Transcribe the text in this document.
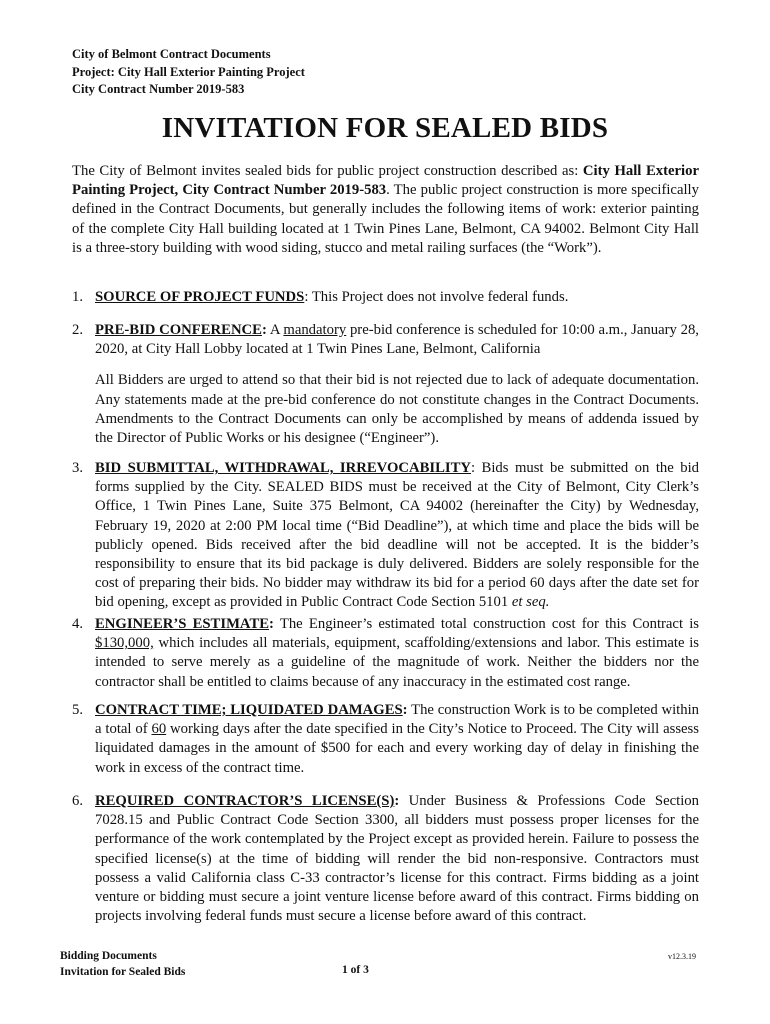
City of Belmont Contract Documents
Project: City Hall Exterior Painting Project
City Contract Number 2019-583
INVITATION FOR SEALED BIDS
The City of Belmont invites sealed bids for public project construction described as: City Hall Exterior Painting Project, City Contract Number 2019-583. The public project construction is more specifically defined in the Contract Documents, but generally includes the following items of work: exterior painting of the complete City Hall building located at 1 Twin Pines Lane, Belmont, CA 94002. Belmont City Hall is a three-story building with wood siding, stucco and metal railing surfaces (the “Work”).
1. SOURCE OF PROJECT FUNDS: This Project does not involve federal funds.
2. PRE-BID CONFERENCE: A mandatory pre-bid conference is scheduled for 10:00 a.m., January 28, 2020, at City Hall Lobby located at 1 Twin Pines Lane, Belmont, California
All Bidders are urged to attend so that their bid is not rejected due to lack of adequate documentation. Any statements made at the pre-bid conference do not constitute changes in the Contract Documents. Amendments to the Contract Documents can only be accomplished by means of addenda issued by the Director of Public Works or his designee (“Engineer”).
3. BID SUBMITTAL, WITHDRAWAL, IRREVOCABILITY: Bids must be submitted on the bid forms supplied by the City. SEALED BIDS must be received at the City of Belmont, City Clerk’s Office, 1 Twin Pines Lane, Suite 375 Belmont, CA 94002 (hereinafter the City) by Wednesday, February 19, 2020 at 2:00 PM local time (“Bid Deadline”), at which time and place the bids will be publicly opened. Bids received after the bid deadline will not be accepted. It is the bidder’s responsibility to ensure that its bid package is duly delivered. Bidders are solely responsible for the cost of preparing their bids. No bidder may withdraw its bid for a period 60 days after the date set for bid opening, except as provided in Public Contract Code Section 5101 et seq.
4. ENGINEER’S ESTIMATE: The Engineer’s estimated total construction cost for this Contract is $130,000, which includes all materials, equipment, scaffolding/extensions and labor. This estimate is intended to serve merely as a guideline of the magnitude of work. Neither the bidders nor the contractor shall be entitled to claims because of any inaccuracy in the estimated cost range.
5. CONTRACT TIME; LIQUIDATED DAMAGES: The construction Work is to be completed within a total of 60 working days after the date specified in the City’s Notice to Proceed. The City will assess liquidated damages in the amount of $500 for each and every working day of delay in finishing the work in excess of the contract time.
6. REQUIRED CONTRACTOR’S LICENSE(S): Under Business & Professions Code Section 7028.15 and Public Contract Code Section 3300, all bidders must possess proper licenses for the performance of the work contemplated by the Project except as provided herein. Failure to possess the specified license(s) at the time of bidding will render the bid non-responsive. Contractors must possess a valid California class C-33 contractor’s license for this contract. Firms bidding as a joint venture or bidding must secure a joint venture license before award of this contract. Firms bidding on projects involving federal funds must secure a license before award of this contract.
Bidding Documents
Invitation for Sealed Bids	1 of 3
v12.3.19
